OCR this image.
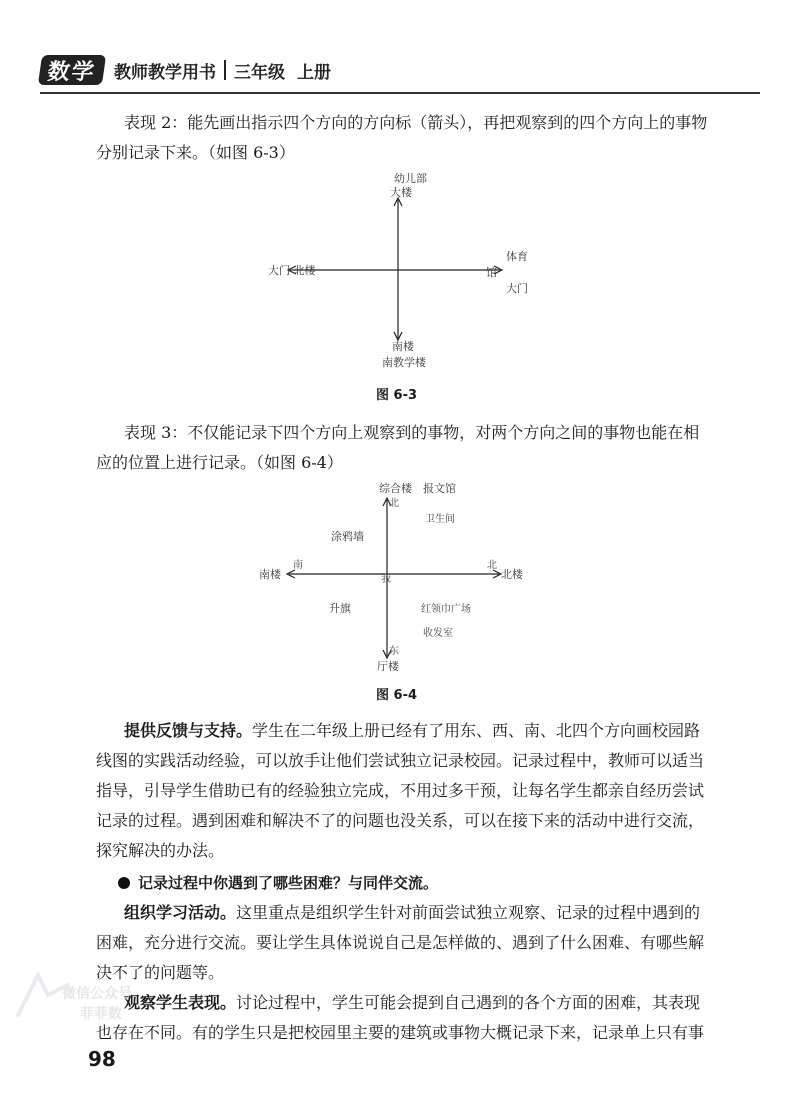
数学 教师教学用书 三年级 上册

表现 2：能先画出指示四个方向的方向标（箭头），再把观察到的四个方向上的事物分别记录下来。（如图 6-3）

幼儿部
大楼
大门 北楼
体育
馆
大门
南楼
南教学楼
图 6-3

表现 3：不仅能记录下四个方向上观察到的事物，对两个方向之间的事物也能在相应的位置上进行记录。（如图 6-4）

综合楼
北
报文馆
卫生间
涂鸦墙
南
南楼
北
北楼
我
升旗	红领巾广场
收发室
东
厅楼
图 6-4

提供反馈与支持。学生在二年级上册已经有了用东、西、南、北四个方向画校园路线图的实践活动经验，可以放手让他们尝试独立记录校园。记录过程中，教师可以适当指导，引导学生借助已有的经验独立完成，不用过多干预，让每名学生都亲自经历尝试记录的过程。遇到困难和解决不了的问题也没关系，可以在接下来的活动中进行交流，探究解决的办法。

记录过程中你遇到了哪些困难？与同伴交流。

组织学习活动。这里重点是组织学生针对前面尝试独立观察、记录的过程中遇到的困难，充分进行交流。要让学生具体说说自己是怎样做的、遇到了什么困难、有哪些解决不了的问题等。

观察学生表现。讨论过程中，学生可能会提到自己遇到的各个方面的困难，其表现也存在不同。有的学生只是把校园里主要的建筑或事物大概记录下来，记录单上只有事

微信公众号
菲菲数
98
